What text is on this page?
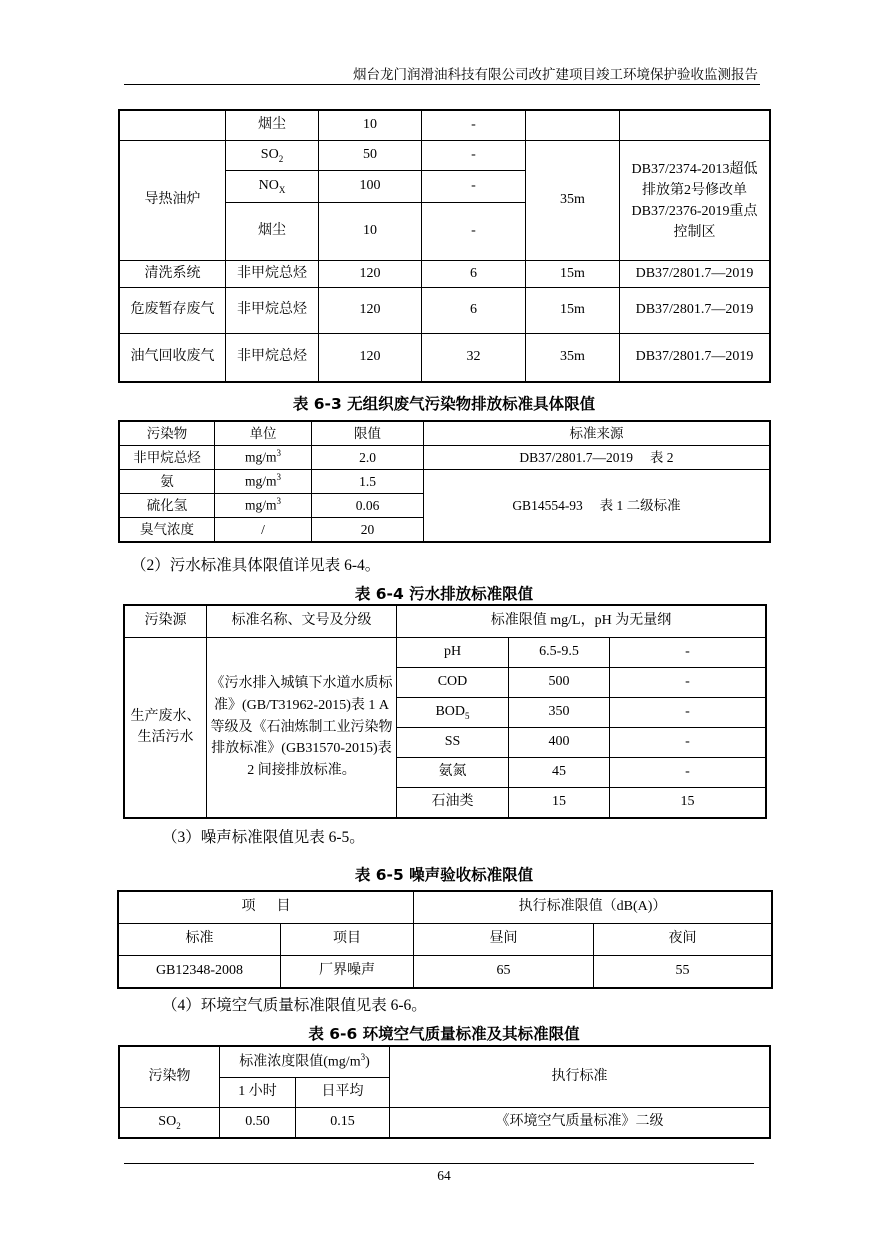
烟台龙门润滑油科技有限公司改扩建项目竣工环境保护验收监测报告
	烟尘	10	-		
导热油炉	$SO_2$	50	-	35m	DB37/2374-2013超低排放第2号修改单 DB37/2376-2019重点控制区
	$NO_X$	100	-		
	烟尘	10	-		
清洗系统	非甲烷总烃	120	6	15m	DB37/2801.7—2019
危废暂存废气	非甲烷总烃	120	6	15m	DB37/2801.7—2019
油气回收废气	非甲烷总烃	120	32	35m	DB37/2801.7—2019
表 6-3 无组织废气污染物排放标准具体限值
污染物	单位	限值	标准来源
非甲烷总烃	$mg/m^3$	2.0	DB37/2801.7—2019     表 2
氨	$mg/m^3$	1.5	GB14554-93     表 1 二级标准
硫化氢	$mg/m^3$	0.06	
臭气浓度	/	20	
（2）污水标准具体限值详见表 6-4。
表 6-4 污水排放标准限值
污染源	标准名称、文号及分级	标准限值 mg/L，pH 为无量纲		
生产废水、生活污水	《污水排入城镇下水道水质标准》(GB/T31962-2015)表 1 A 等级及《石油炼制工业污染物排放标准》(GB31570-2015)表 2 间接排放标准。	pH	6.5-9.5	-
		COD	500	-
		$BOD_5$	350	-
		SS	400	-
		氨氮	45	-
		石油类	15	15
（3）噪声标准限值见表 6-5。
表 6-5 噪声验收标准限值
项      目		执行标准限值（dB(A)）	
标准	项目	昼间	夜间
GB12348-2008	厂界噪声	65	55
（4）环境空气质量标准限值见表 6-6。
表 6-6 环境空气质量标准及其标准限值
污染物	标准浓度限值$(mg/m^3)$		执行标准
	1 小时	日平均	
$SO_2$	0.50	0.15	《环境空气质量标准》二级
64
